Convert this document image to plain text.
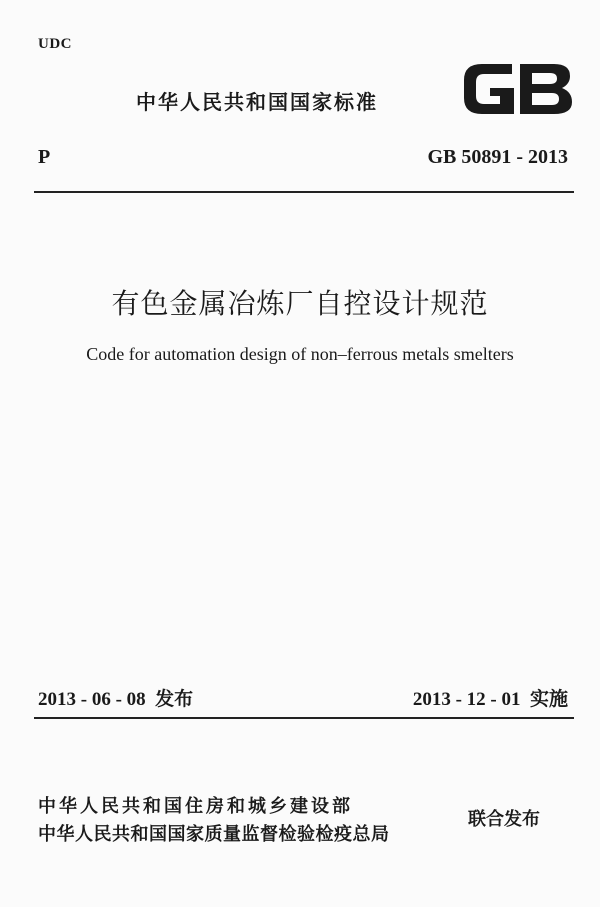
UDC
中华人民共和国国家标准
P	GB 50891 - 2013
有色金属冶炼厂自控设计规范
Code for automation design of non–ferrous metals smelters
2013 - 06 - 08  发布	2013 - 12 - 01  实施
中华人民共和国住房和城乡建设部
中华人民共和国国家质量监督检验检疫总局
联合发布
